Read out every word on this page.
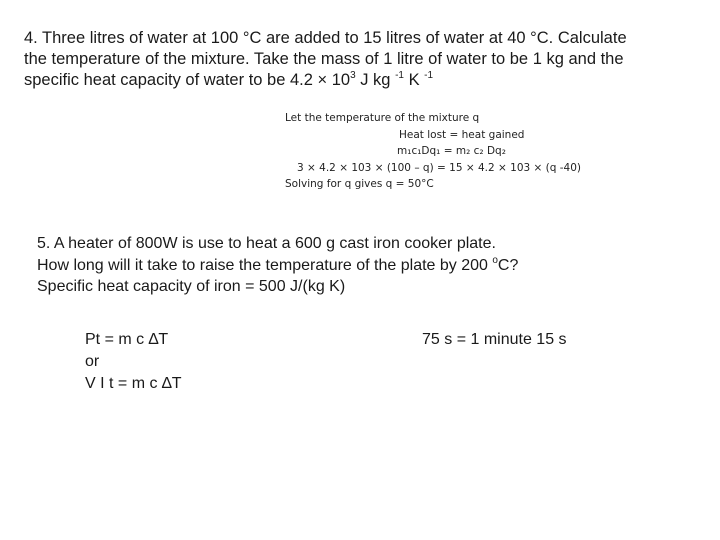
4. Three litres of water at 100 °C are added to 15 litres of water at 40 °C. Calculate
the temperature of the mixture. Take the mass of 1 litre of water to be 1 kg and the
specific heat capacity of water to be $4.2 \times 10^3$ J kg $^{-1}$ K $^{-1}$
Let the temperature of the mixture q
Heat lost = heat gained
m₁c₁Dq₁ = m₂ c₂ Dq₂
3 × 4.2 × 103 × (100 – q) = 15 × 4.2 × 103 × (q -40)
Solving for q gives q = 50°C
5. A heater of 800W is use to heat a 600 g cast iron cooker plate.
How long will it take to raise the temperature of the plate by 200 $^o$C?
Specific heat capacity of iron = 500 J/(kg K)
Pt = m c ∆T
or
V I t = m c ∆T
75 s = 1 minute 15 s
